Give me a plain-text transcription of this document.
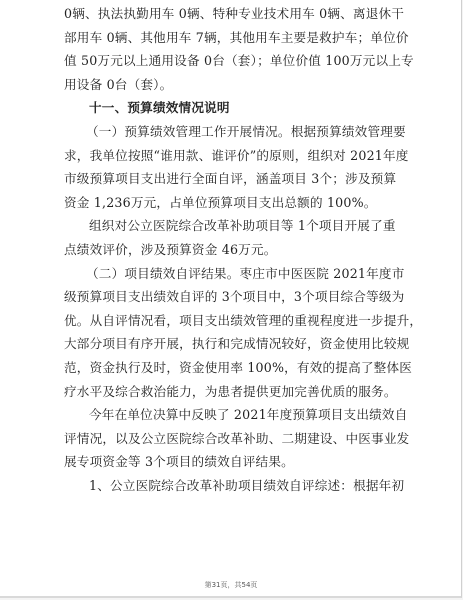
0辆、执法执勤用车 0辆、特种专业技术用车 0辆、离退休干
部用车 0辆、其他用车 7辆，其他用车主要是救护车；单位价
值 50万元以上通用设备 0台（套）；单位价值 100万元以上专
用设备 0台（套）。
十一、预算绩效情况说明
（一）预算绩效管理工作开展情况。根据预算绩效管理要
求，我单位按照“谁用款、谁评价”的原则，组织对 2021年度
市级预算项目支出进行全面自评，涵盖项目 3个；涉及预算
资金 1,236万元，占单位预算项目支出总额的 100%。
组织对公立医院综合改革补助项目等 1个项目开展了重
点绩效评价，涉及预算资金 46万元。
（二）项目绩效自评结果。枣庄市中医医院 2021年度市
级预算项目支出绩效自评的 3个项目中，3个项目综合等级为
优。从自评情况看，项目支出绩效管理的重视程度进一步提升，
大部分项目有序开展，执行和完成情况较好，资金使用比较规
范，资金执行及时，资金使用率 100%，有效的提高了整体医
疗水平及综合救治能力，为患者提供更加完善优质的服务。
今年在单位决算中反映了 2021年度预算项目支出绩效自
评情况，以及公立医院综合改革补助、二期建设、中医事业发
展专项资金等 3个项目的绩效自评结果。
1、公立医院综合改革补助项目绩效自评综述：根据年初
第31页，共54页
